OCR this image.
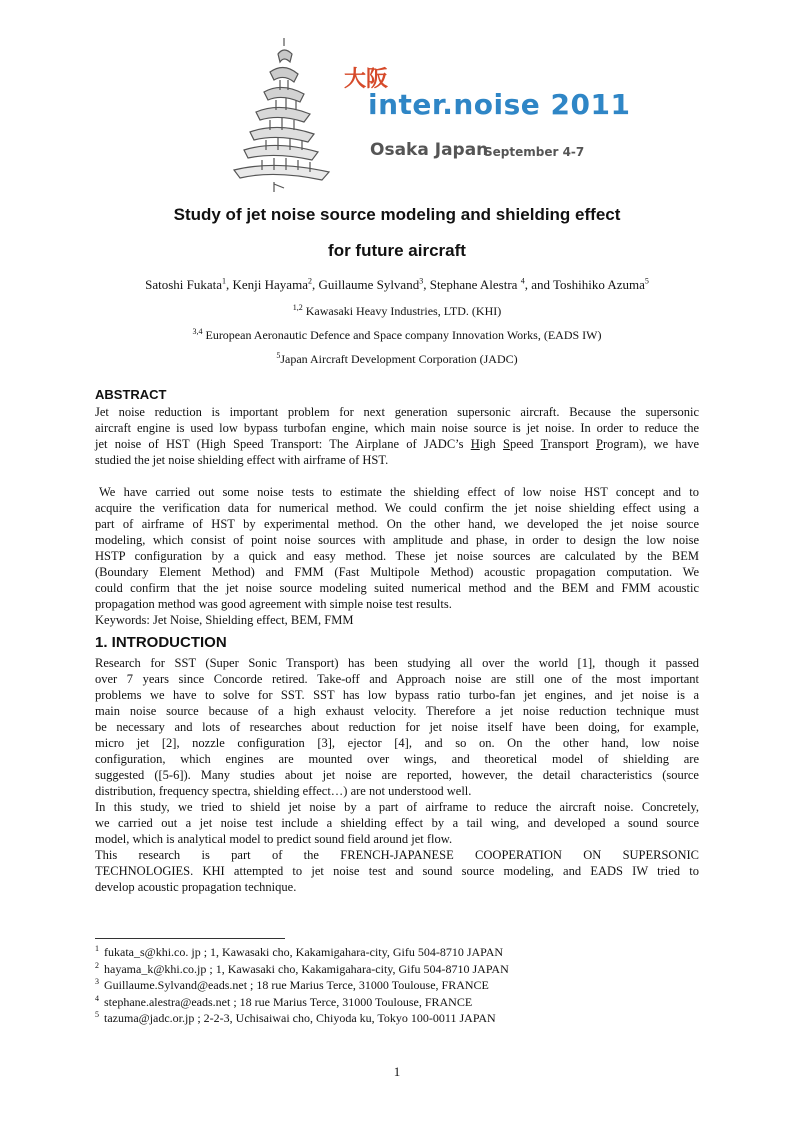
大阪
inter.noise 2011
Osaka Japan
September 4-7
Study of jet noise source modeling and shielding effect
for future aircraft
Satoshi Fukata$^1$, Kenji Hayama$^2$, Guillaume Sylvand$^3$, Stephane Alestra $^4$, and Toshihiko Azuma$^5$
$^{1,2}$ Kawasaki Heavy Industries, LTD. (KHI)
$^{3,4}$ European Aeronautic Defence and Space company Innovation Works, (EADS IW)
$^5$Japan Aircraft Development Corporation (JADC)
ABSTRACT
Jet noise reduction is important problem for next generation supersonic aircraft. Because the supersonic
aircraft engine is used low bypass turbofan engine, which main noise source is jet noise. In order to reduce the
jet noise of HST (High Speed Transport: The Airplane of JADC’s High Speed Transport Program), we have
studied the jet noise shielding effect with airframe of HST.
We have carried out some noise tests to estimate the shielding effect of low noise HST concept and to
acquire the verification data for numerical method. We could confirm the jet noise shielding effect using a
part of airframe of HST by experimental method. On the other hand, we developed the jet noise source
modeling, which consist of point noise sources with amplitude and phase, in order to design the low noise
HSTP configuration by a quick and easy method. These jet noise sources are calculated by the BEM
(Boundary Element Method) and FMM (Fast Multipole Method) acoustic propagation computation. We
could confirm that the jet noise source modeling suited numerical method and the BEM and FMM acoustic
propagation method was good agreement with simple noise test results.
Keywords: Jet Noise, Shielding effect, BEM, FMM
1. INTRODUCTION
Research for SST (Super Sonic Transport) has been studying all over the world [1], though it passed
over 7 years since Concorde retired. Take-off and Approach noise are still one of the most important
problems we have to solve for SST. SST has low bypass ratio turbo-fan jet engines, and jet noise is a
main noise source because of a high exhaust velocity. Therefore a jet noise reduction technique must
be necessary and lots of researches about reduction for jet noise itself have been doing, for example,
micro jet [2], nozzle configuration [3], ejector [4], and so on. On the other hand, low noise
configuration, which engines are mounted over wings, and theoretical model of shielding are
suggested ([5-6]). Many studies about jet noise are reported, however, the detail characteristics (source
distribution, frequency spectra, shielding effect…) are not understood well.
In this study, we tried to shield jet noise by a part of airframe to reduce the aircraft noise. Concretely,
we carried out a jet noise test include a shielding effect by a tail wing, and developed a sound source
model, which is analytical model to predict sound field around jet flow.
This research is part of the FRENCH-JAPANESE COOPERATION ON SUPERSONIC
TECHNOLOGIES. KHI attempted to jet noise test and sound source modeling, and EADS IW tried to
develop acoustic propagation technique.
$^1$ fukata_s@khi.co. jp ; 1, Kawasaki cho, Kakamigahara-city, Gifu 504-8710 JAPAN
$^2$ hayama_k@khi.co.jp ; 1, Kawasaki cho, Kakamigahara-city, Gifu 504-8710 JAPAN
$^3$ Guillaume.Sylvand@eads.net ; 18 rue Marius Terce, 31000 Toulouse, FRANCE
$^4$ stephane.alestra@eads.net ; 18 rue Marius Terce, 31000 Toulouse, FRANCE
$^5$ tazuma@jadc.or.jp ; 2-2-3, Uchisaiwai cho, Chiyoda ku, Tokyo 100-0011 JAPAN
1
